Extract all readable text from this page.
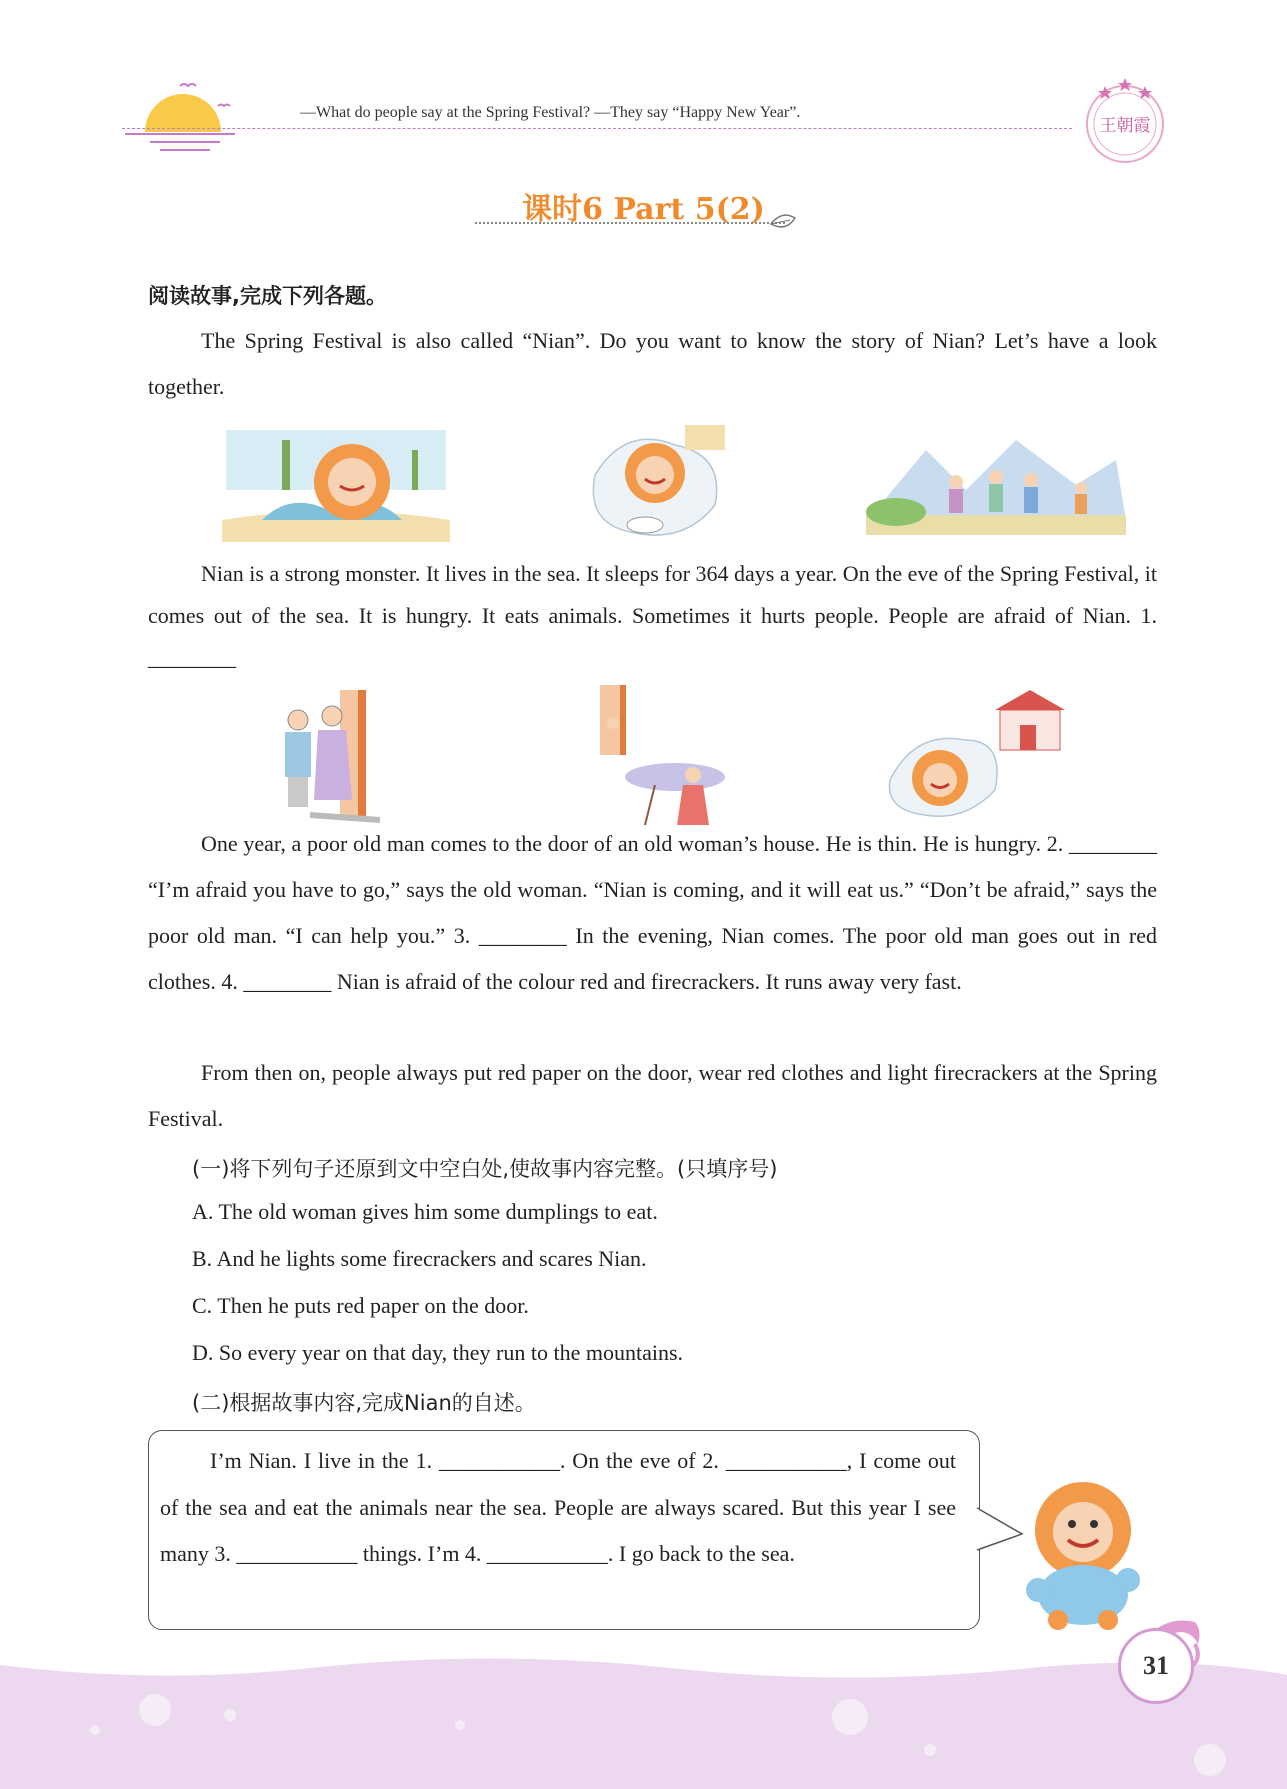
—What do people say at the Spring Festival? —They say “Happy New Year”.
王朝霞
课时6 Part 5(2)
阅读故事,完成下列各题。
The Spring Festival is also called “Nian”. Do you want to know the story of Nian? Let’s have a look together.
Nian is a strong monster. It lives in the sea. It sleeps for 364 days a year. On the eve of the Spring Festival, it comes out of the sea. It is hungry. It eats animals. Sometimes it hurts people. People are afraid of Nian. 1. ________
One year, a poor old man comes to the door of an old woman’s house. He is thin. He is hungry. 2. ________ “I’m afraid you have to go,” says the old woman. “Nian is coming, and it will eat us.” “Don’t be afraid,” says the poor old man. “I can help you.” 3. ________ In the evening, Nian comes. The poor old man goes out in red clothes. 4. ________ Nian is afraid of the colour red and firecrackers. It runs away very fast.
From then on, people always put red paper on the door, wear red clothes and light firecrackers at the Spring Festival.
(一)将下列句子还原到文中空白处,使故事内容完整。(只填序号)
A. The old woman gives him some dumplings to eat.
B. And he lights some firecrackers and scares Nian.
C. Then he puts red paper on the door.
D. So every year on that day, they run to the mountains.
(二)根据故事内容,完成Nian的自述。
I’m Nian. I live in the 1. ___________. On the eve of 2. ___________, I come out of the sea and eat the animals near the sea. People are always scared. But this year I see many 3. ___________ things. I’m 4. ___________. I go back to the sea.
31
